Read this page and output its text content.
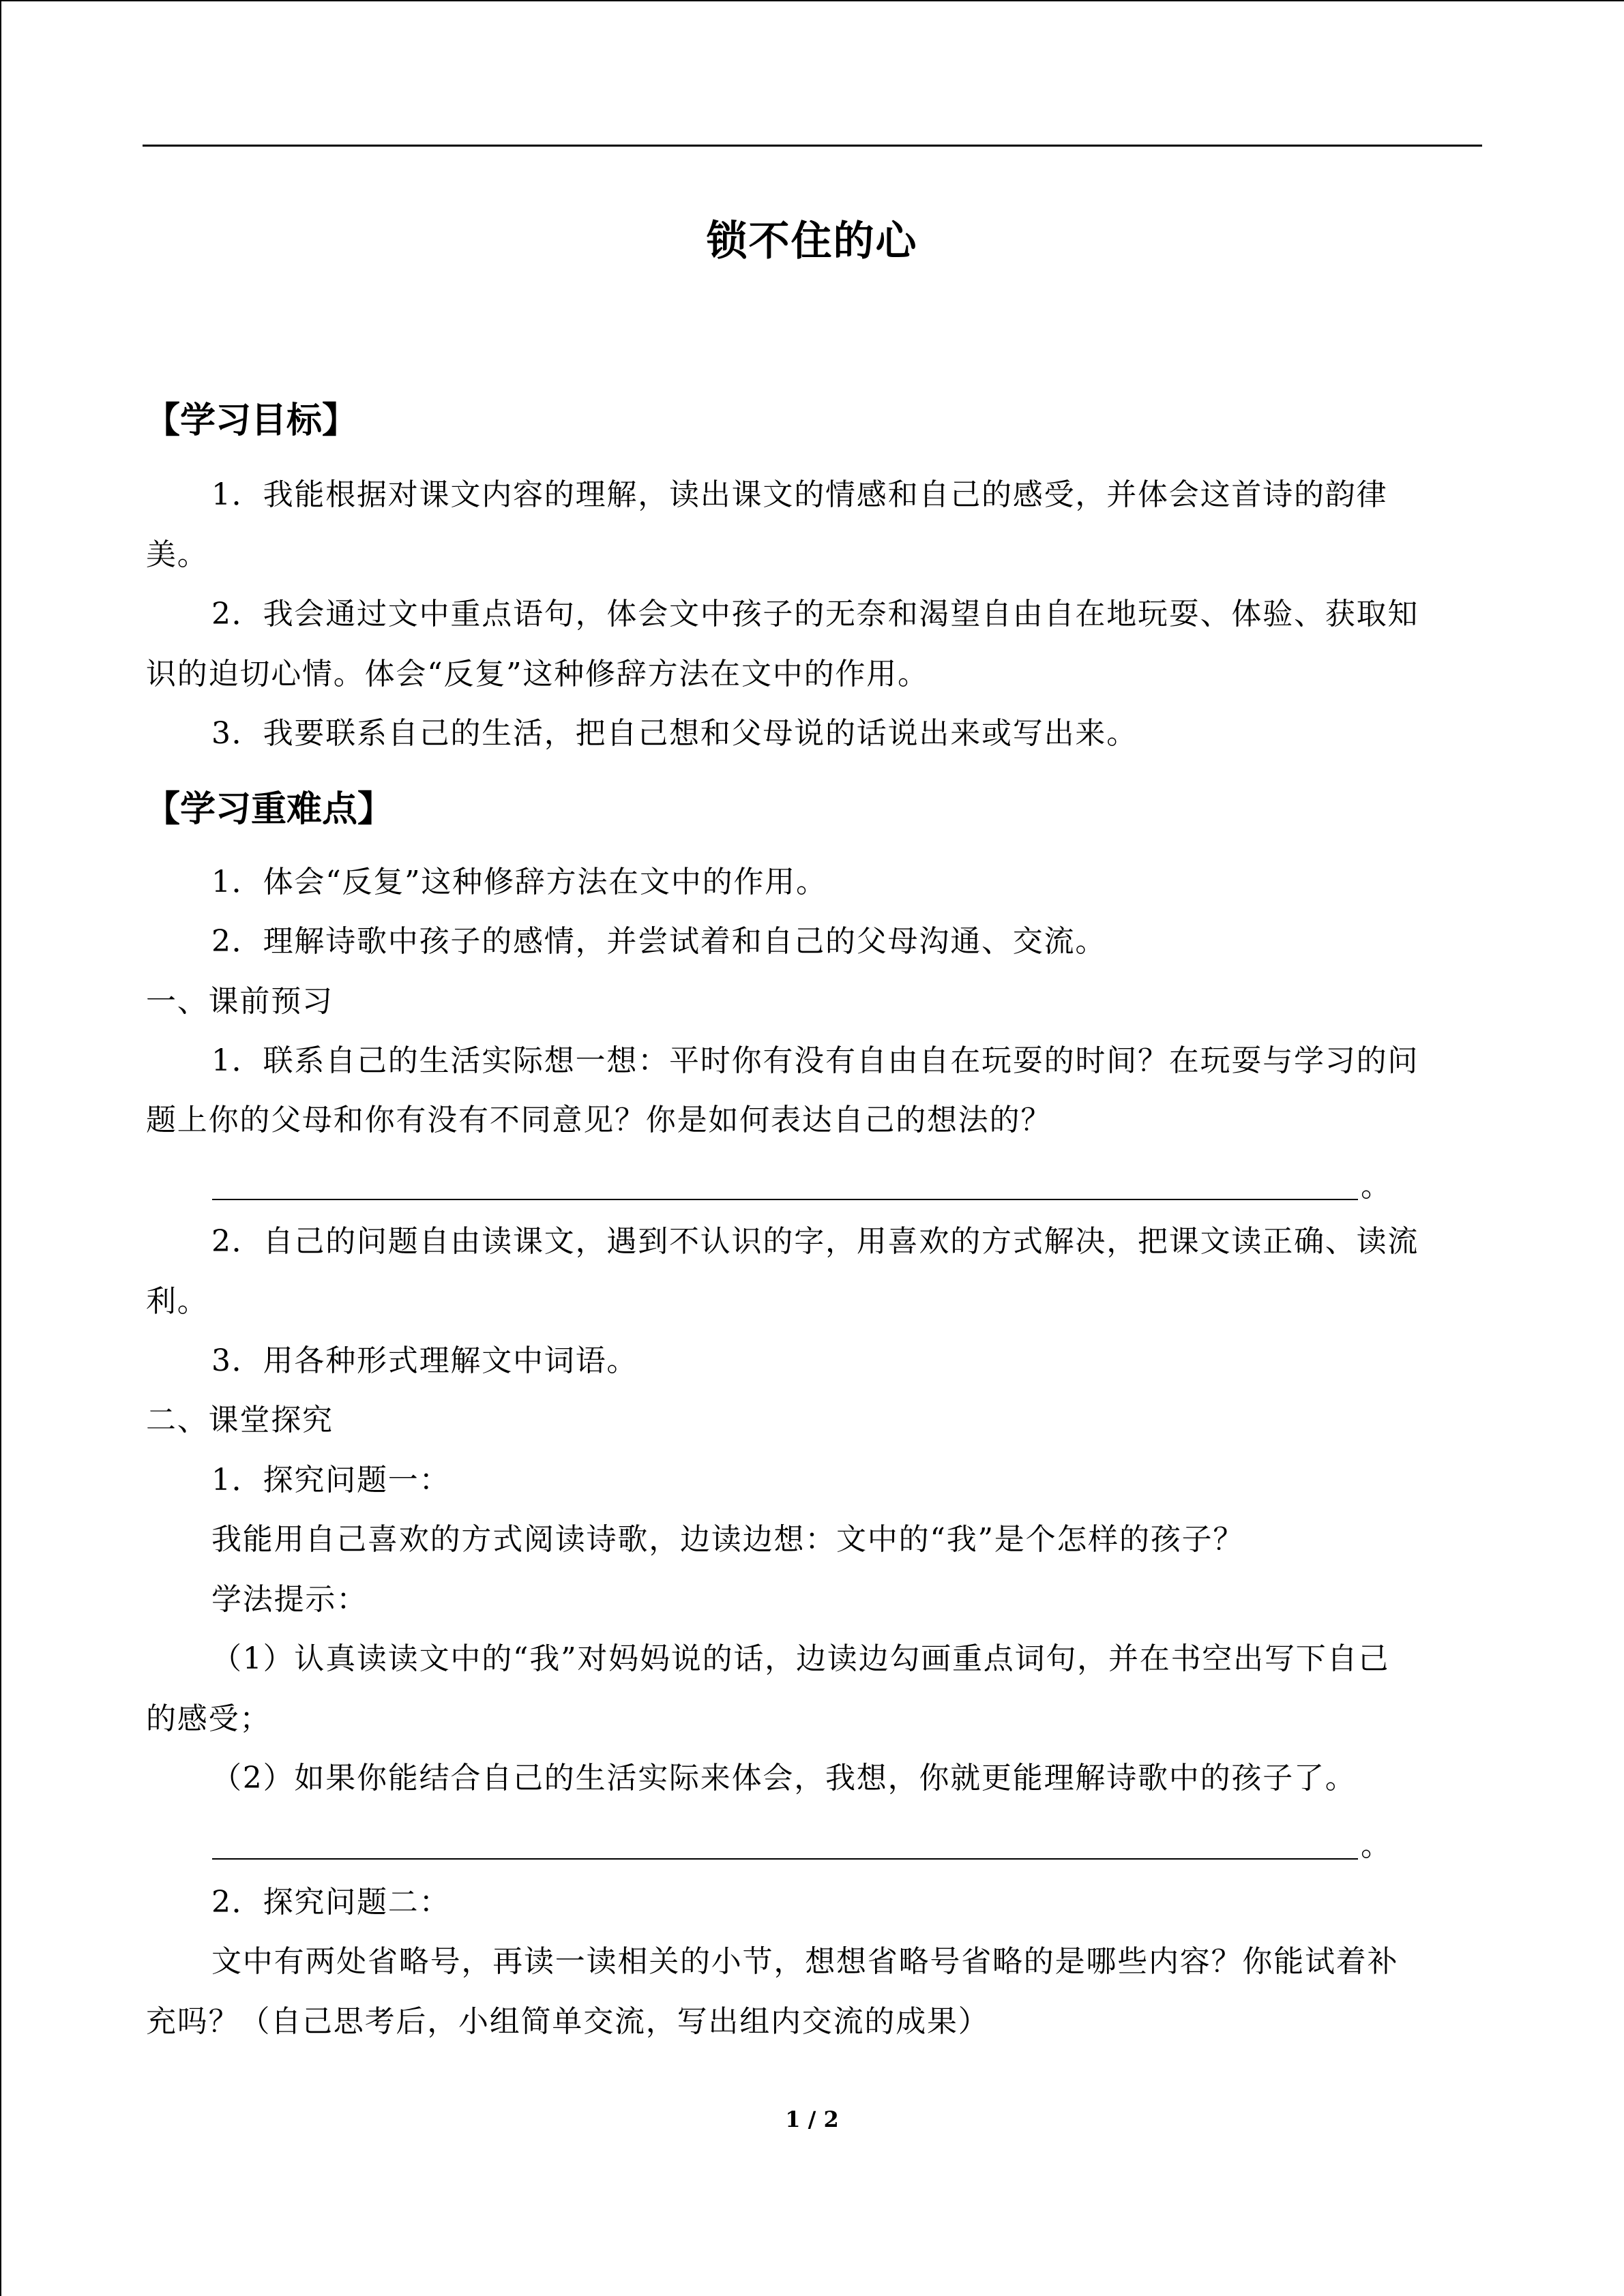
锁不住的心
【学习目标】
1．我能根据对课文内容的理解，读出课文的情感和自己的感受，并体会这首诗的韵律
美。
2．我会通过文中重点语句，体会文中孩子的无奈和渴望自由自在地玩耍、体验、获取知
识的迫切心情。体会“反复”这种修辞方法在文中的作用。
3．我要联系自己的生活，把自己想和父母说的话说出来或写出来。
【学习重难点】
1．体会“反复”这种修辞方法在文中的作用。
2．理解诗歌中孩子的感情，并尝试着和自己的父母沟通、交流。
一、课前预习
1．联系自己的生活实际想一想：平时你有没有自由自在玩耍的时间？在玩耍与学习的问
题上你的父母和你有没有不同意见？你是如何表达自己的想法的？
。
2．自己的问题自由读课文，遇到不认识的字，用喜欢的方式解决，把课文读正确、读流
利。
3．用各种形式理解文中词语。
二、课堂探究
1．探究问题一：
我能用自己喜欢的方式阅读诗歌，边读边想：文中的“我”是个怎样的孩子？
学法提示：
（1）认真读读文中的“我”对妈妈说的话，边读边勾画重点词句，并在书空出写下自己
的感受；
（2）如果你能结合自己的生活实际来体会，我想，你就更能理解诗歌中的孩子了。
。
2．探究问题二：
文中有两处省略号，再读一读相关的小节，想想省略号省略的是哪些内容？你能试着补
充吗？（自己思考后，小组简单交流，写出组内交流的成果）
1 / 2
